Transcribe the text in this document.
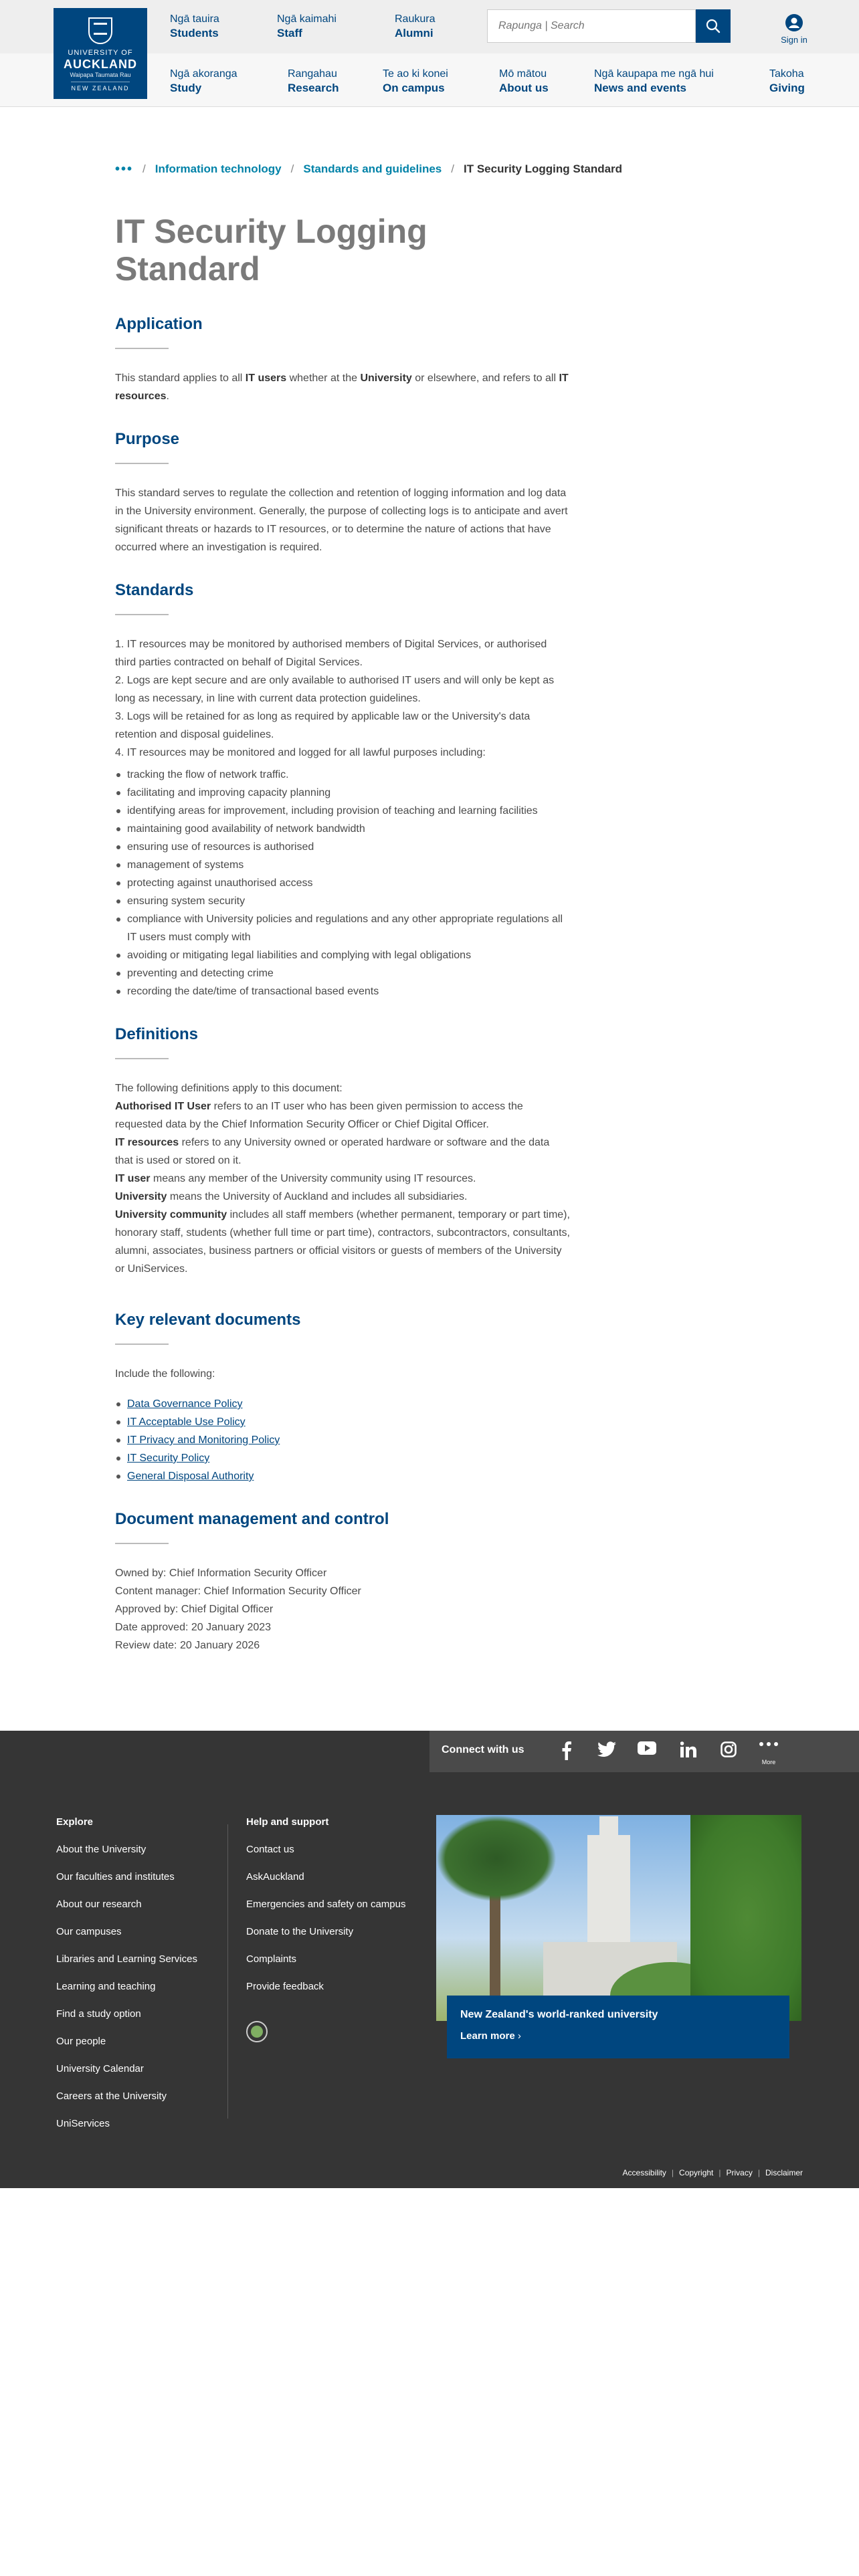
UNIVERSITY OF
AUCKLAND
Waipapa Taumata Rau
NEW ZEALAND
Ngā tauira
Students
Ngā kaimahi
Staff
Raukura
Alumni
Rapunga | Search
Sign in
Ngā akoranga
Study
Rangahau
Research
Te ao ki konei
On campus
Mō mātou
About us
Ngā kaupapa me ngā hui
News and events
Takoha
Giving
••• / Information technology / Standards and guidelines / IT Security Logging Standard
IT Security Logging Standard
Application

This standard applies to all IT users whether at the University or elsewhere, and refers to all IT resources.

Purpose

This standard serves to regulate the collection and retention of logging information and log data in the University environment. Generally, the purpose of collecting logs is to anticipate and avert significant threats or hazards to IT resources, or to determine the nature of actions that have occurred where an investigation is required.

Standards
1. IT resources may be monitored by authorised members of Digital Services, or authorised third parties contracted on behalf of Digital Services.
2. Logs are kept secure and are only available to authorised IT users and will only be kept as long as necessary, in line with current data protection guidelines.
3. Logs will be retained for as long as required by applicable law or the University's data retention and disposal guidelines.
4. IT resources may be monitored and logged for all lawful purposes including:
tracking the flow of network traffic.
facilitating and improving capacity planning
identifying areas for improvement, including provision of teaching and learning facilities
maintaining good availability of network bandwidth
ensuring use of resources is authorised
management of systems
protecting against unauthorised access
ensuring system security
compliance with University policies and regulations and any other appropriate regulations all IT users must comply with
avoiding or mitigating legal liabilities and complying with legal obligations
preventing and detecting crime
recording the date/time of transactional based events
Definitions
The following definitions apply to this document:
Authorised IT User refers to an IT user who has been given permission to access the requested data by the Chief Information Security Officer or Chief Digital Officer.
IT resources refers to any University owned or operated hardware or software and the data that is used or stored on it.
IT user means any member of the University community using IT resources.
University means the University of Auckland and includes all subsidiaries.
University community includes all staff members (whether permanent, temporary or part time), honorary staff, students (whether full time or part time), contractors, subcontractors, consultants, alumni, associates, business partners or official visitors or guests of members of the University or UniServices.
Key relevant documents
Include the following:
Data Governance Policy
IT Acceptable Use Policy
IT Privacy and Monitoring Policy
IT Security Policy
General Disposal Authority
Document management and control
Owned by: Chief Information Security Officer
Content manager: Chief Information Security Officer
Approved by: Chief Digital Officer
Date approved: 20 January 2023
Review date: 20 January 2026
Connect with us
More
Explore
About the University
Our faculties and institutes
About our research
Our campuses
Libraries and Learning Services
Learning and teaching
Find a study option
Our people
University Calendar
Careers at the University
UniServices
Help and support
Contact us
AskAuckland
Emergencies and safety on campus
Donate to the University
Complaints
Provide feedback
New Zealand's world-ranked university
Learn more ›
Accessibility | Copyright | Privacy | Disclaimer
